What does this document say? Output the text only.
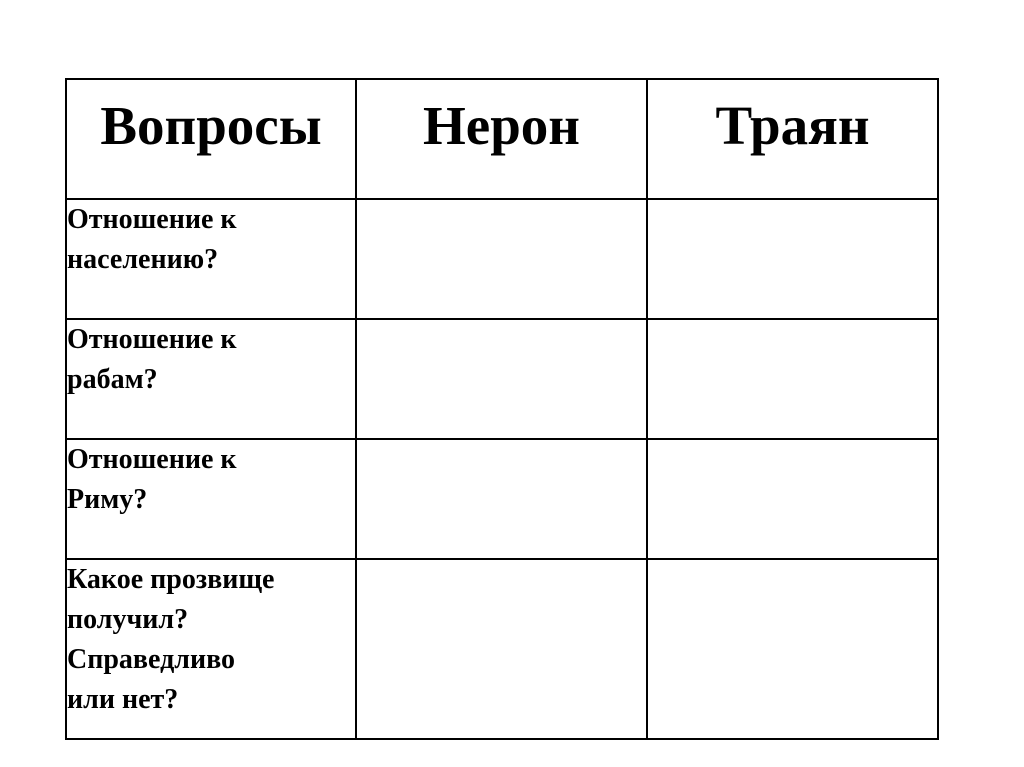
Вопросы	Нерон	Траян

Отношение к
населению?		

Отношение к
рабам?		

Отношение к
Риму?		

Какое прозвище
получил?
Справедливо
или нет?		
